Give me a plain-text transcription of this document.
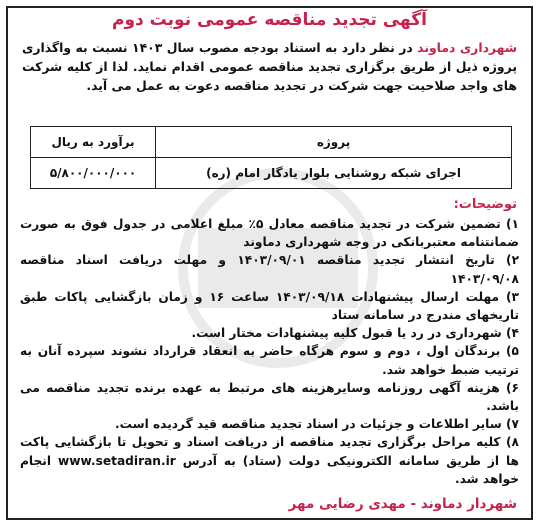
آگهی تجدید مناقصه عمومی نوبت دوم
شهرداری دماوند در نظر دارد به استناد بودجه مصوب سال ۱۴۰۳ نسبت به واگذاری پروژه ذیل از طریق برگزاری تجدید مناقصه عمومی اقدام نماید. لذا از کلیه شرکت های واجد صلاحیت جهت شرکت در تجدید مناقصه دعوت به عمل می آید.
پروژه	برآورد به ریال
اجرای شبکه روشنایی بلوار یادگار امام (ره)	۵/۸۰۰/۰۰۰/۰۰۰
توضیحات:

۱) تضمین شرکت در تجدید مناقصه معادل ۵٪ مبلغ اعلامی در جدول فوق به صورت ضمانتنامه معتبربانکی در وجه شهرداری دماوند

۲) تاریخ انتشار تجدید مناقصه ۱۴۰۳/۰۹/۰۱ و مهلت دریافت اسناد مناقصه ۱۴۰۳/۰۹/۰۸

۳) مهلت ارسال پیشنهادات ۱۴۰۳/۰۹/۱۸ ساعت ۱۶ و زمان بازگشایی پاکات طبق تاریخهای مندرج در سامانه ستاد

۴) شهرداری در رد یا قبول کلیه پیشنهادات مختار است.

۵) برندگان اول ، دوم و سوم هرگاه حاضر به انعقاد قرارداد نشوند سپرده آنان به ترتیب ضبط خواهد شد.

۶) هزینه آگهی روزنامه وسایرهزینه های مرتبط به عهده برنده تجدید مناقصه می باشد.

۷) سایر اطلاعات و جزئیات در اسناد تجدید مناقصه قید گردیده است.

۸) کلیه مراحل برگزاری تجدید مناقصه از دریافت اسناد و تحویل تا بازگشایی پاکت ها از طریق سامانه الکترونیکی دولت (ستاد) به آدرس www.setadiran.ir انجام خواهد شد.

شهردار دماوند - مهدی رضایی مهر
